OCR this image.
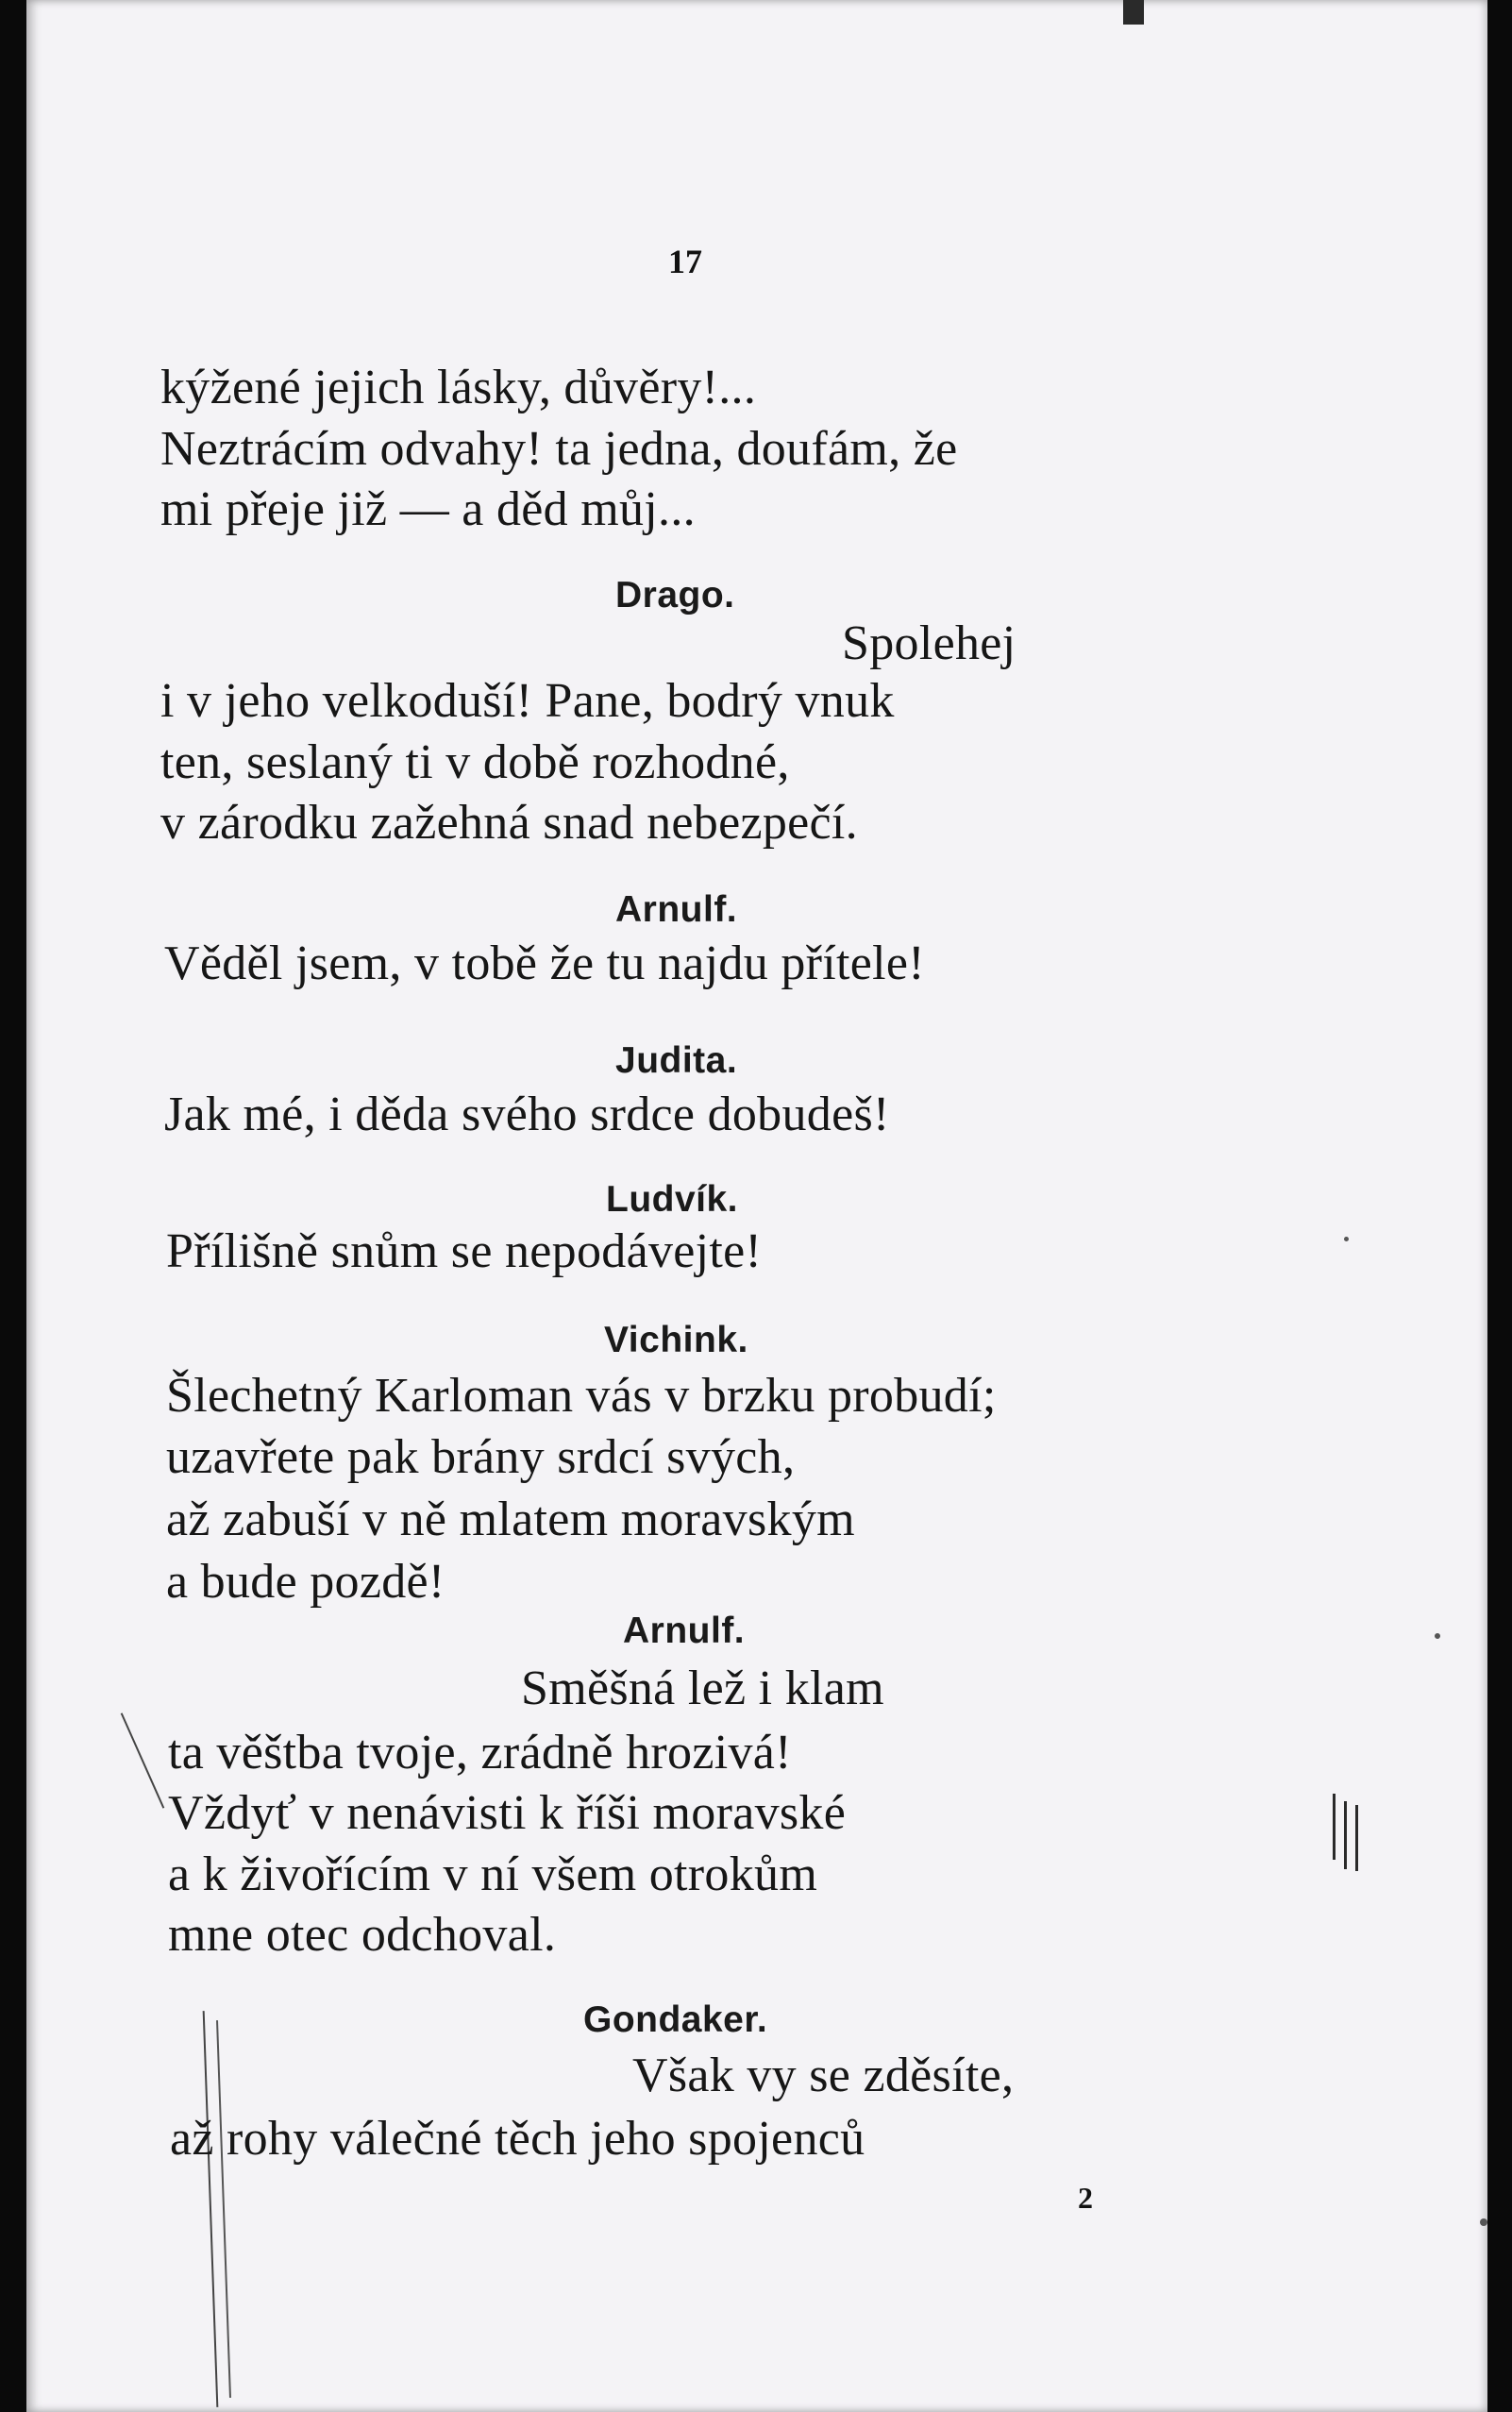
17
kýžené jejich lásky, důvěry!...
Neztrácím odvahy! ta jedna, doufám, že
mi přeje již — a děd můj...
Drago.
Spolehej
i v jeho velkoduší! Pane, bodrý vnuk
ten, seslaný ti v době rozhodné,
v zárodku zažehná snad nebezpečí.
Arnulf.
Věděl jsem, v tobě že tu najdu přítele!
Judita.
Jak mé, i děda svého srdce dobudeš!
Ludvík.
Přílišně snům se nepodávejte!
Vichink.
Šlechetný Karloman vás v brzku probudí;
uzavřete pak brány srdcí svých,
až zabuší v ně mlatem moravským
a bude pozdě!
Arnulf.
Směšná lež i klam
ta věštba tvoje, zrádně hrozivá!
Vždyť v nenávisti k říši moravské
a k živořícím v ní všem otrokům
mne otec odchoval.
Gondaker.
Však vy se zděsíte,
až rohy válečné těch jeho spojenců
2
